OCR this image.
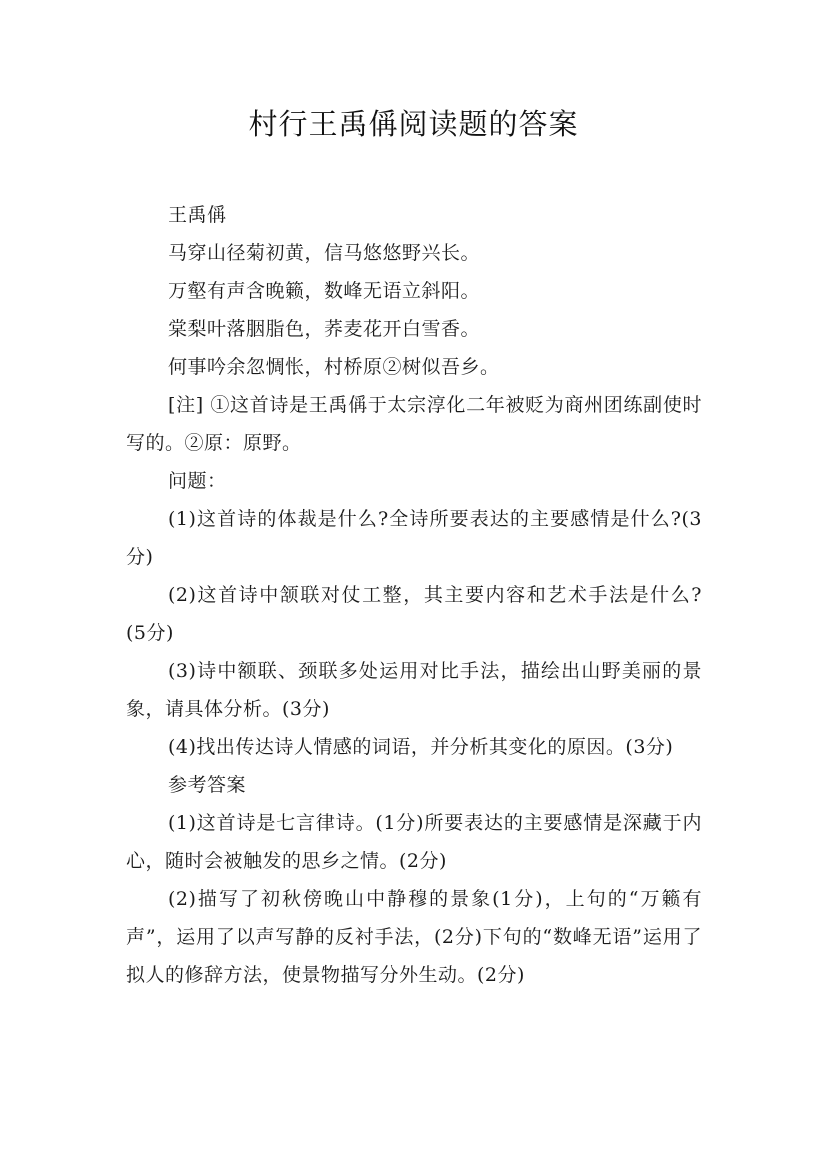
村行王禹偁阅读题的答案

王禹偁

马穿山径菊初黄，信马悠悠野兴长。

万壑有声含晚籁，数峰无语立斜阳。

棠梨叶落胭脂色，荞麦花开白雪香。

何事吟余忽惆怅，村桥原②树似吾乡。

[注] ①这首诗是王禹偁于太宗淳化二年被贬为商州团练副使时写的。②原：原野。

问题：

(1)这首诗的体裁是什么?全诗所要表达的主要感情是什么?(3分)

(2)这首诗中颔联对仗工整，其主要内容和艺术手法是什么? (5分)

(3)诗中额联、颈联多处运用对比手法，描绘出山野美丽的景象，请具体分析。(3分)

(4)找出传达诗人情感的词语，并分析其变化的原因。(3分)

参考答案

(1)这首诗是七言律诗。(1分)所要表达的主要感情是深藏于内心，随时会被触发的思乡之情。(2分)

(2)描写了初秋傍晚山中静穆的景象(1分)，上句的“万籁有声”，运用了以声写静的反衬手法，(2分)下句的“数峰无语”运用了拟人的修辞方法，使景物描写分外生动。(2分)
